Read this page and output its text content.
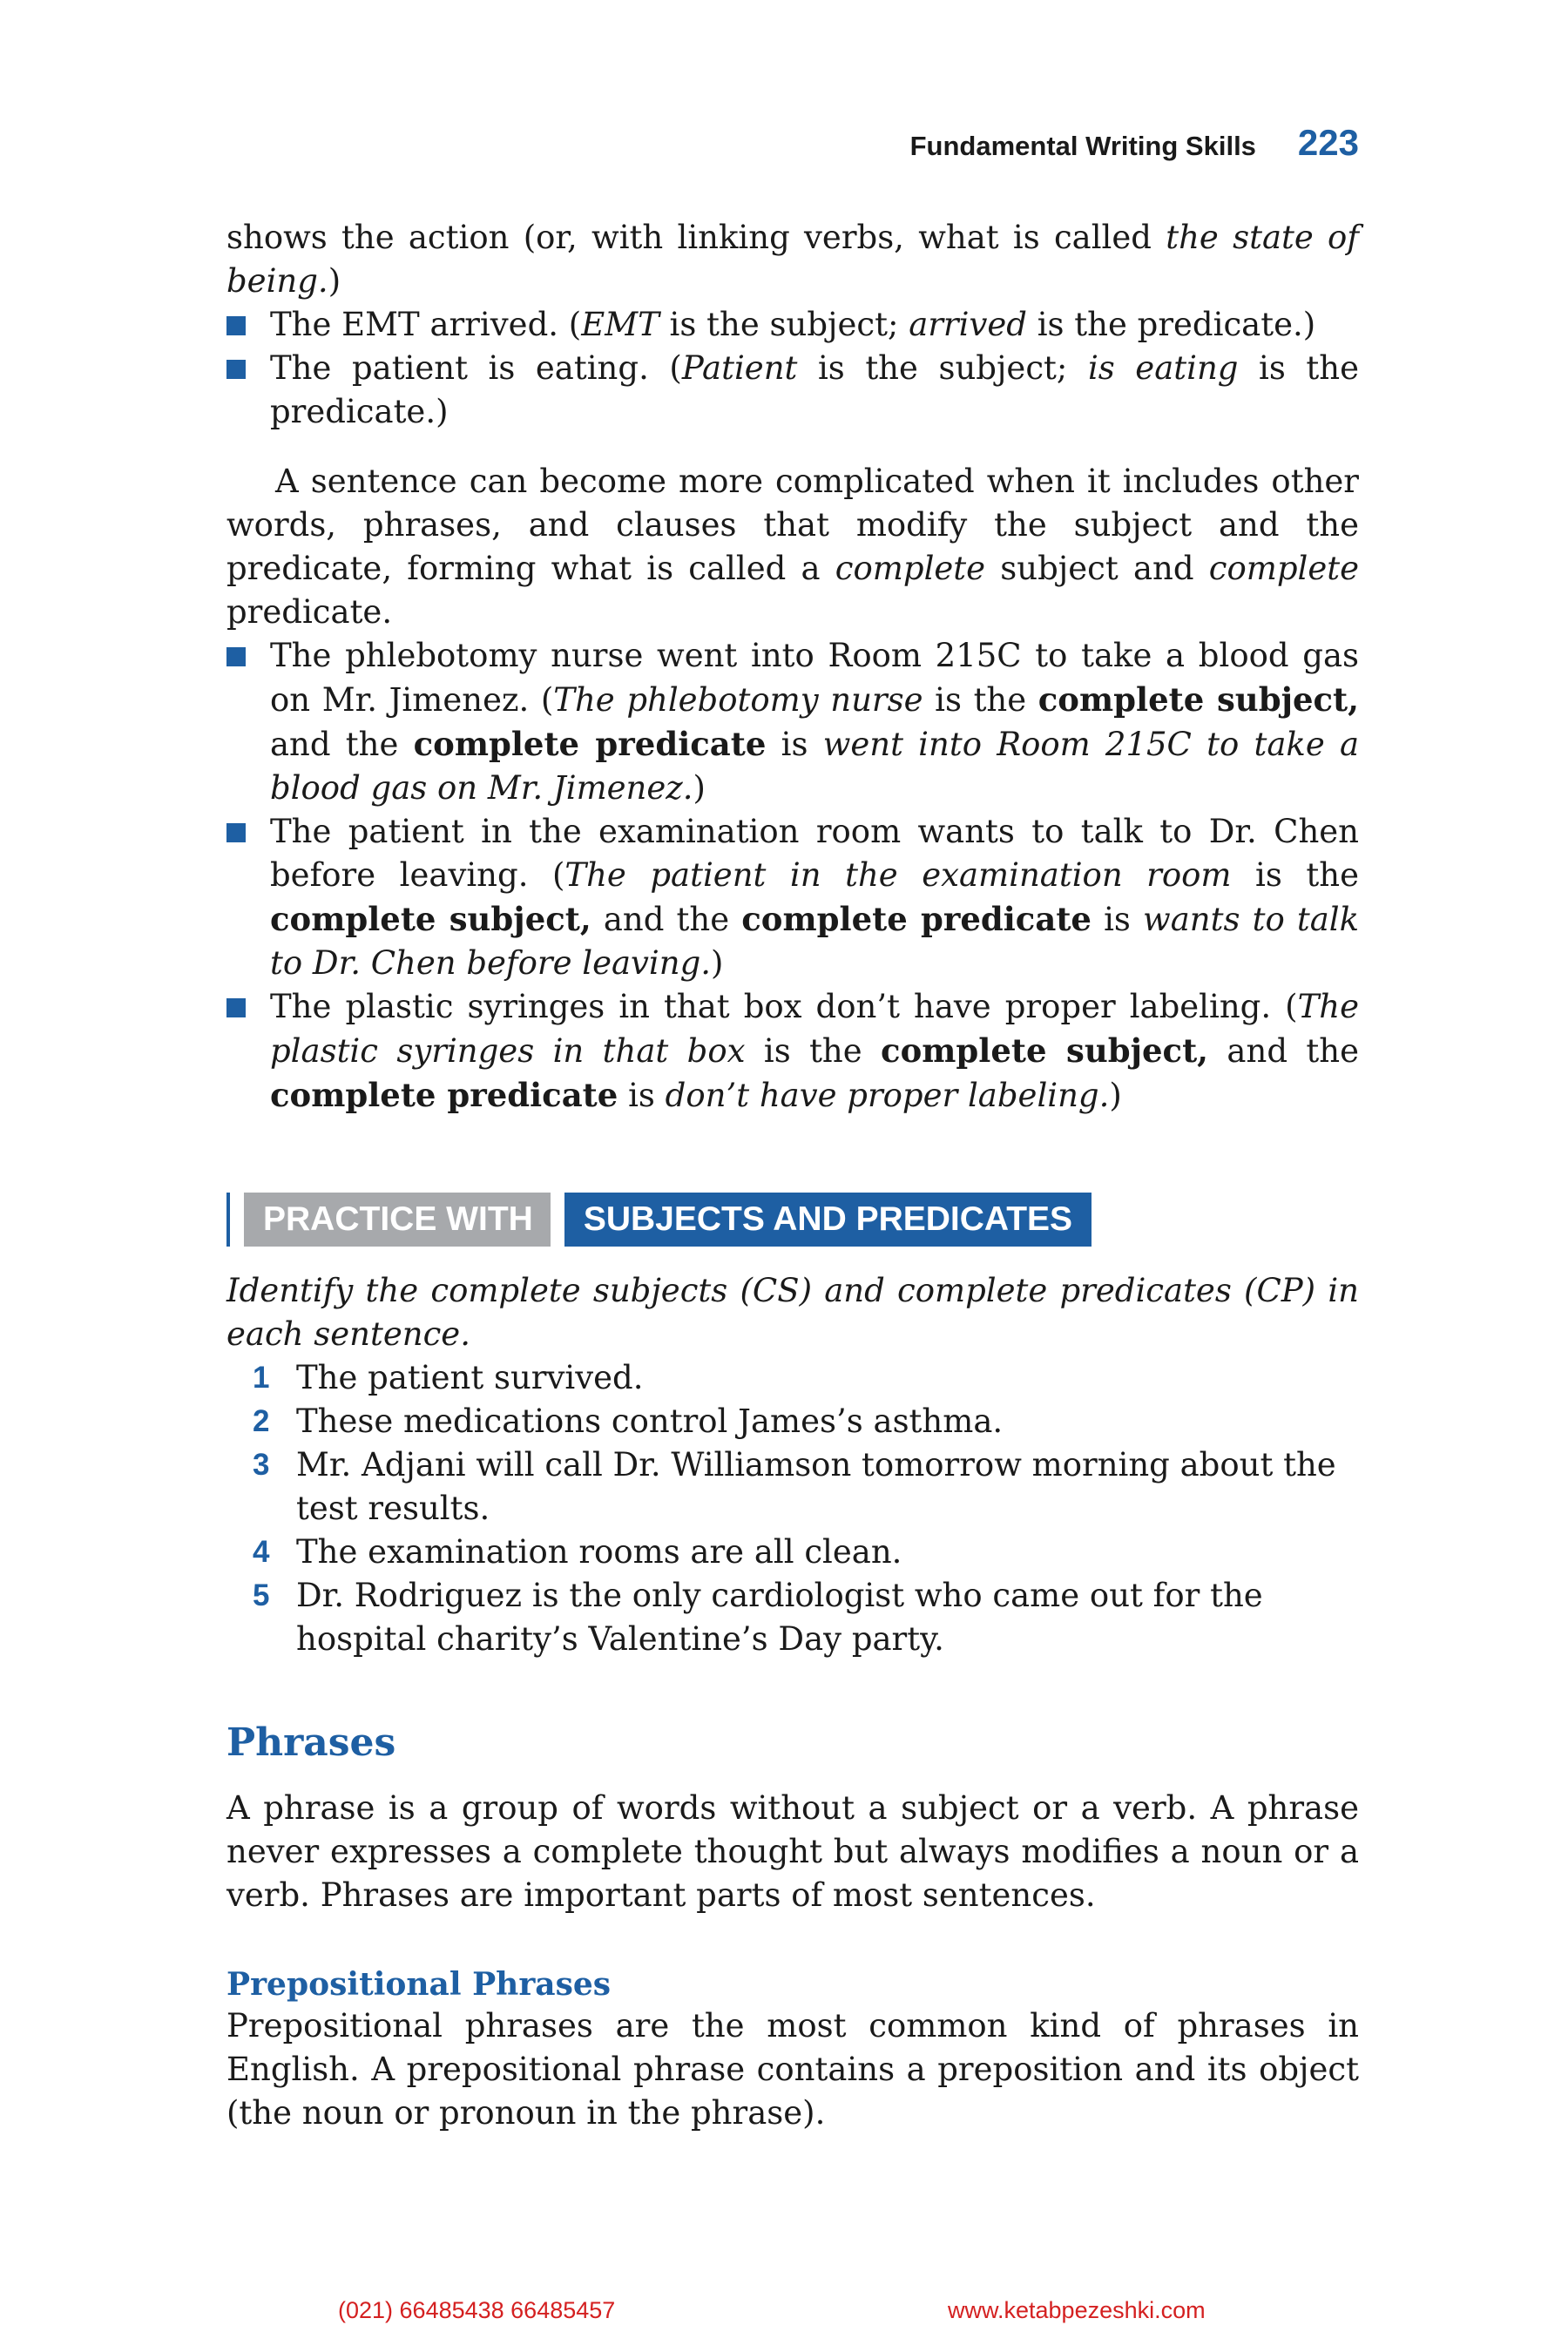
Fundamental Writing Skills 223

shows the action (or, with linking verbs, what is called the state of being.)

The EMT arrived. (EMT is the subject; arrived is the predicate.)
The patient is eating. (Patient is the subject; is eating is the predicate.)

A sentence can become more complicated when it includes other words, phrases, and clauses that modify the subject and the predicate, forming what is called a complete subject and complete predicate.

The phlebotomy nurse went into Room 215C to take a blood gas on Mr. Jimenez. (The phlebotomy nurse is the complete subject, and the complete predicate is went into Room 215C to take a blood gas on Mr. Jimenez.)
The patient in the examination room wants to talk to Dr. Chen before leaving. (The patient in the examination room is the complete subject, and the complete predicate is wants to talk to Dr. Chen before leaving.)
The plastic syringes in that box don’t have proper labeling. (The plastic syringes in that box is the complete subject, and the complete predicate is don’t have proper labeling.)
PRACTICE WITH	SUBJECTS AND PREDICATES

Identify the complete subjects (CS) and complete predicates (CP) in each sentence.

1 The patient survived.
2 These medications control James’s asthma.
3 Mr. Adjani will call Dr. Williamson tomorrow morning about the test results.
4 The examination rooms are all clean.
5 Dr. Rodriguez is the only cardiologist who came out for the hospital charity’s Valentine’s Day party.
Phrases

A phrase is a group of words without a subject or a verb. A phrase never expresses a complete thought but always modifies a noun or a verb. Phrases are important parts of most sentences.

Prepositional Phrases

Prepositional phrases are the most common kind of phrases in English. A prepositional phrase contains a preposition and its object (the noun or pronoun in the phrase).

(021) 66485438 66485457	www.ketabpezeshki.com
